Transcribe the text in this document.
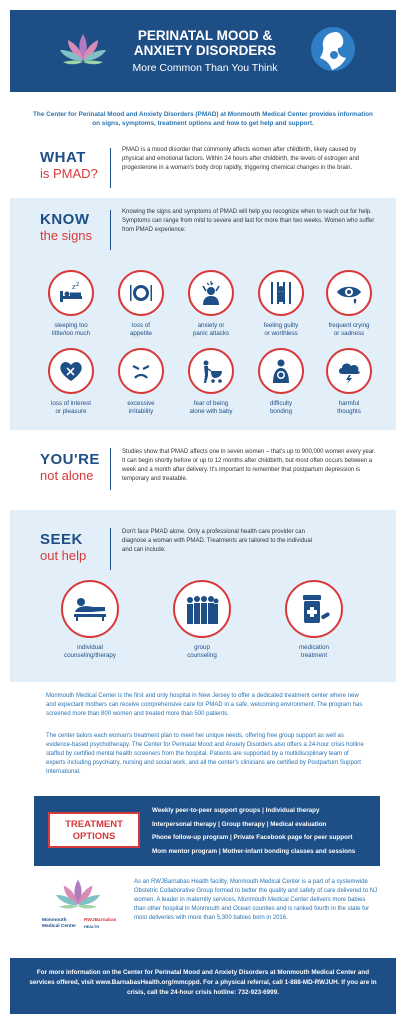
PERINATAL MOOD &
ANXIETY DISORDERS
More Common Than You Think
The Center for Perinatal Mood and Anxiety Disorders (PMAD) at Monmouth Medical Center provides information on signs, symptoms, treatment options and how to get help and support.
WHAT
is PMAD?
PMAD is a mood disorder that commonly affects women after childbirth, likely caused by physical and emotional factors. Within 24 hours after childbirth, the levels of estrogen and progesterone in a woman's body drop rapidly, triggering chemical changes in the brain.
KNOW
the signs
Knowing the signs and symptoms of PMAD will help you recognize when to reach out for help. Symptoms can range from mild to severe and last for more than two weeks. Women who suffer from PMAD experience:
z z
sleeping too
little/too much
loss of
appetite
anxiety or
panic attacks
feeling guilty
or worthless
frequent crying
or sadness
loss of interest
or pleasure
excessive
irritability
fear of being
alone with baby
difficulty
bonding
harmful
thoughts
YOU'RE
not alone
Studies show that PMAD affects one in seven women – that's up to 900,000 women every year. It can begin shortly before or up to 12 months after childbirth, but most often occurs between a week and a month after delivery. It's important to remember that postpartum depression is temporary and treatable.
SEEK
out help
Don't face PMAD alone. Only a professional health care provider can diagnose a woman with PMAD. Treatments are tailored to the individual and can include:
individual
counseling/therapy
group
counseling
medication
treatment
Monmouth Medical Center is the first and only hospital in New Jersey to offer a dedicated treatment center where new and expectant mothers can receive comprehensive care for PMAD in a safe, welcoming environment. The program has screened more than 800 women and treated more than 500 patients.
The center tailors each woman's treatment plan to meet her unique needs, offering free group support as well as evidence-based psychotherapy. The Center for Perinatal Mood and Anxiety Disorders also offers a 24-hour crisis hotline staffed by certified mental health screeners from the hospital. Patients are supported by a multidisciplinary team of experts including psychiatry, nursing and social work, and all the center's clinicians are certified by Postpartum Support International.
TREATMENT
OPTIONS
Weekly peer-to-peer support groups | Individual therapy
Interpersonal therapy | Group therapy | Medical evaluation
Phone follow-up program | Private Facebook page for peer support
Mom mentor program | Mother-infant bonding classes and sessions
Monmouth
Medical Center
RWJBarnabas
HEALTH
As an RWJBarnabas Health facility, Monmouth Medical Center is a part of a systemwide Obstetric Collaborative Group formed to better the quality and safety of care delivered to NJ women. A leader in maternity services, Monmouth Medical Center delivers more babies than other hospital in Monmouth and Ocean counties and is ranked fourth in the state for most deliveries with more than 5,300 babies born in 2016.
For more information on the Center for Perinatal Mood and Anxiety Disorders at Monmouth Medical Center and services offered, visit www.BarnabasHealth.org/mmcppd. For a physical referral, call 1-888-MD-RWJUH. If you are in crisis, call the 24-hour crisis hotline: 732-923-6999.
